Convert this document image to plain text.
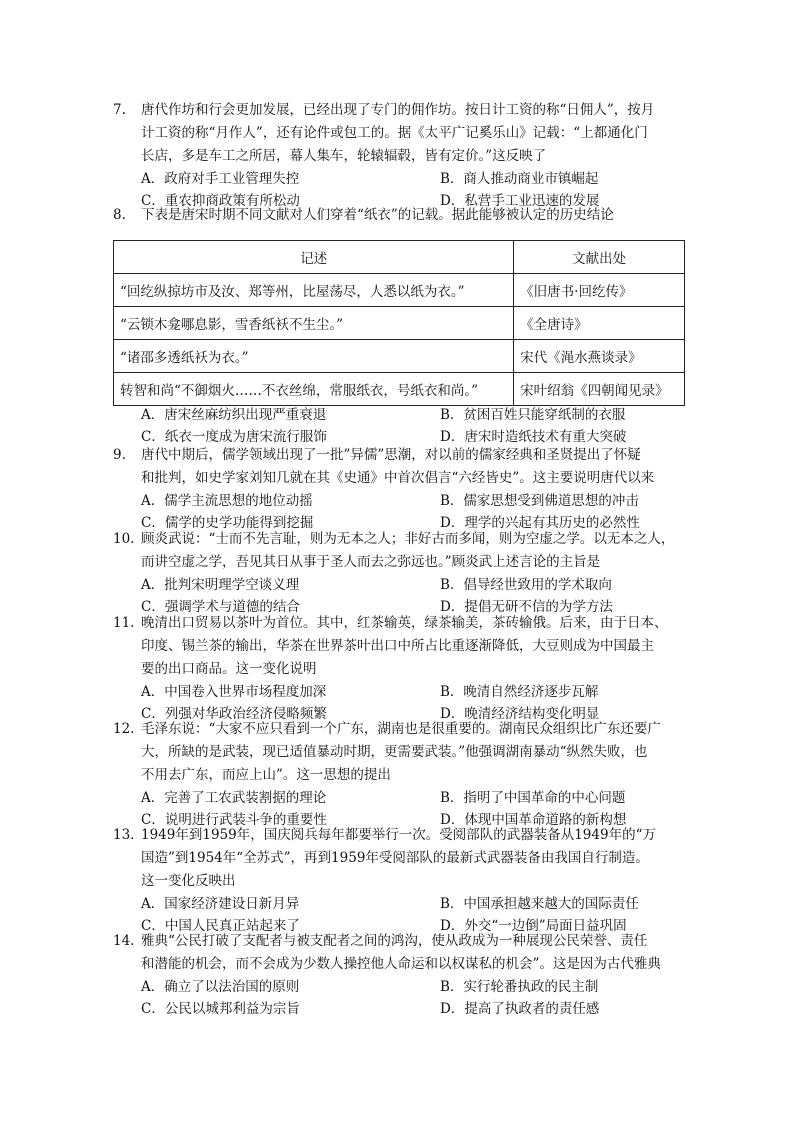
7.	唐代作坊和行会更加发展，已经出现了专门的佣作坊。按日计工资的称“日佣人”，按月
计工资的称“月作人”，还有论件或包工的。据《太平广记奚乐山》记载：“上都通化门
长店，多是车工之所居，幕人集车，轮辕辐毂，皆有定价。”这反映了
A．政府对手工业管理失控	B．商人推动商业市镇崛起
C．重农抑商政策有所松动	D．私营手工业迅速的发展
8.	下表是唐宋时期不同文献对人们穿着“纸衣”的记载。据此能够被认定的历史结论
记述	文献出处
“回纥纵掠坊市及汝、郑等州，比屋荡尽，人悉以纸为衣。”	《旧唐书·回纥传》
“云锁木龛哪息影，雪香纸袄不生尘。”	《全唐诗》
“诸邵多透纸袄为衣。”	宋代《渑水燕谈录》
转智和尚“不御烟火……不衣丝绵，常服纸衣，号纸衣和尚。”	宋叶绍翁《四朝闻见录》
A．唐宋丝麻纺织出现严重衰退	B．贫困百姓只能穿纸制的衣服
C．纸衣一度成为唐宋流行服饰	D．唐宋时造纸技术有重大突破
9.	唐代中期后，儒学领域出现了一批”异儒”思潮，对以前的儒家经典和圣贤提出了怀疑
和批判，如史学家刘知几就在其《史通》中首次倡言“六经皆史”。这主要说明唐代以来
A．儒学主流思想的地位动摇	B．儒家思想受到佛道思想的冲击
C．儒学的史学功能得到挖掘	D．理学的兴起有其历史的必然性
10. 顾炎武说：“士而不先言耻，则为无本之人；非好古而多闻，则为空虚之学。以无本之人，
而讲空虚之学，吾见其日从事于圣人而去之弥远也。”顾炎武上述言论的主旨是
A．批判宋明理学空谈义理	B．倡导经世致用的学术取向
C．强调学术与道德的结合	D．提倡无研不信的为学方法
11. 晚清出口贸易以茶叶为首位。其中，红茶输英，绿茶输美，茶砖输俄。后来，由于日本、
印度、锡兰茶的输出，华茶在世界茶叶出口中所占比重逐渐降低，大豆则成为中国最主
要的出口商品。这一变化说明
A．中国卷入世界市场程度加深	B．晚清自然经济逐步瓦解
C．列强对华政治经济侵略频繁	D．晚清经济结构变化明显
12. 毛泽东说：“大家不应只看到一个广东，湖南也是很重要的。湖南民众组织比广东还要广
大，所缺的是武装，现已适值暴动时期，更需要武装。”他强调湖南暴动“纵然失败，也
不用去广东，而应上山”。这一思想的提出
A．完善了工农武装割据的理论	B．指明了中国革命的中心问题
C．说明进行武装斗争的重要性	D．体现中国革命道路的新构想
13. 1949年到1959年，国庆阅兵每年都要举行一次。受阅部队的武器装备从1949年的“万
国造”到1954年“全苏式”，再到1959年受阅部队的最新式武器装备由我国自行制造。
这一变化反映出
A．国家经济建设日新月异	B．中国承担越来越大的国际责任
C．中国人民真正站起来了	D．外交“一边倒”局面日益巩固
14. 雅典“公民打破了支配者与被支配者之间的鸿沟，使从政成为一种展现公民荣誉、责任
和潜能的机会，而不会成为少数人操控他人命运和以权谋私的机会”。这是因为古代雅典
A．确立了以法治国的原则	B．实行轮番执政的民主制
C．公民以城邦利益为宗旨	D．提高了执政者的责任感
